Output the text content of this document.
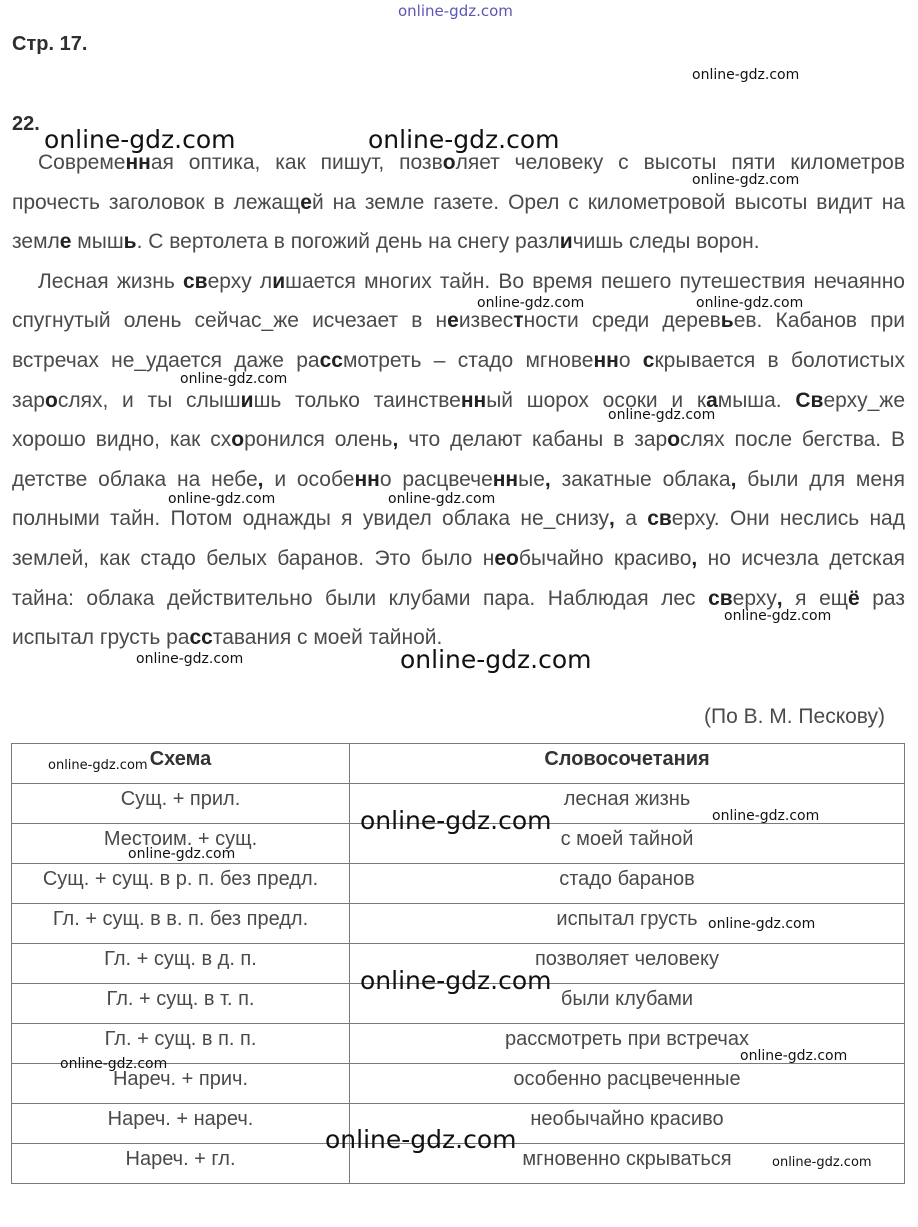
online-gdz.com
Стр. 17.
22.

Современная оптика, как пишут, позволяет человеку с высоты пяти километров прочесть заголовок в лежащей на земле газете. Орел с километровой высоты видит на земле мышь. С вертолета в погожий день на снегу различишь следы ворон.

Лесная жизнь сверху лишается многих тайн. Во время пешего путешествия нечаянно спугнутый олень сейчас_же исчезает в неизвестности среди деревьев. Кабанов при встречах не_удается даже рассмотреть – стадо мгновенно скрывается в болотистых зарослях, и ты слышишь только таинственный шорох осоки и камыша. Сверху_же хорошо видно, как схоронился олень, что делают кабаны в зарослях после бегства. В детстве облака на небе, и особенно расцвеченные, закатные облака, были для меня полными тайн. Потом однажды я увидел облака не_снизу, а сверху. Они неслись над землей, как стадо белых баранов. Это было необычайно красиво, но исчезла детская тайна: облака действительно были клубами пара. Наблюдая лес сверху, я ещё раз испытал грусть расставания с моей тайной.

(По В. М. Пескову)
Схема	Словосочетания
Сущ. + прил.	лесная жизнь
Местоим. + сущ.	с моей тайной
Сущ. + сущ. в р. п. без предл.	стадо баранов
Гл. + сущ. в в. п. без предл.	испытал грусть
Гл. + сущ. в д. п.	позволяет человеку
Гл. + сущ. в т. п.	были клубами
Гл. + сущ. в п. п.	рассмотреть при встречах
Нареч. + прич.	особенно расцвеченные
Нареч. + нареч.	необычайно красиво
Нареч. + гл.	мгновенно скрываться
online-gdz.com
online-gdz.com	online-gdz.com
online-gdz.com
online-gdz.com	online-gdz.com
online-gdz.com
online-gdz.com
online-gdz.com	online-gdz.com
online-gdz.com
online-gdz.com	online-gdz.com
online-gdz.com
online-gdz.com
online-gdz.com
online-gdz.com
online-gdz.com
online-gdz.com
online-gdz.com
online-gdz.com
online-gdz.com
online-gdz.com
